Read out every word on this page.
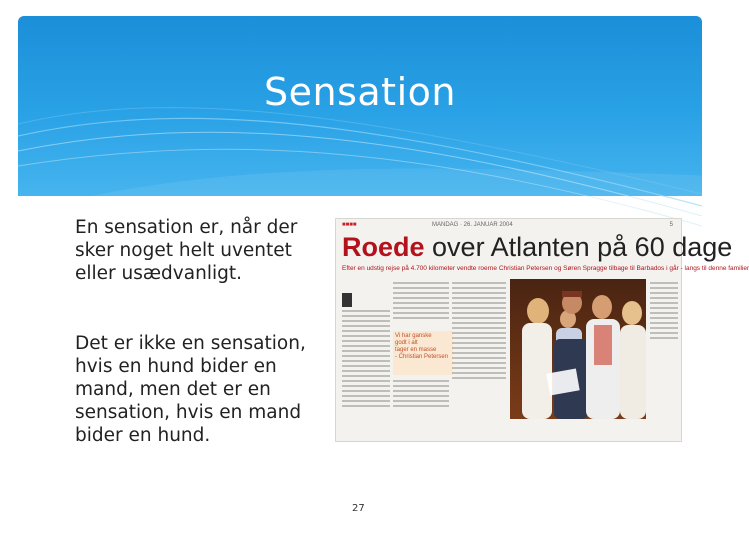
Sensation
En sensation er, når der sker noget helt uventet eller usædvanligt.
Det er ikke en sensation, hvis en hund bider en mand, men det er en sensation, hvis en mand bider en hund.
■■■■	MANDAG · 26. JANUAR 2004	5
Roede over Atlanten på 60 dage
Efter en udstig rejse på 4.700 kilometer vendte roerne Christian Petersen og Søren Spragge tilbage til Barbados i går - langs til denne familier
Vi har ganske
godt i alt
tager en masse
- Christian Petersen
27
